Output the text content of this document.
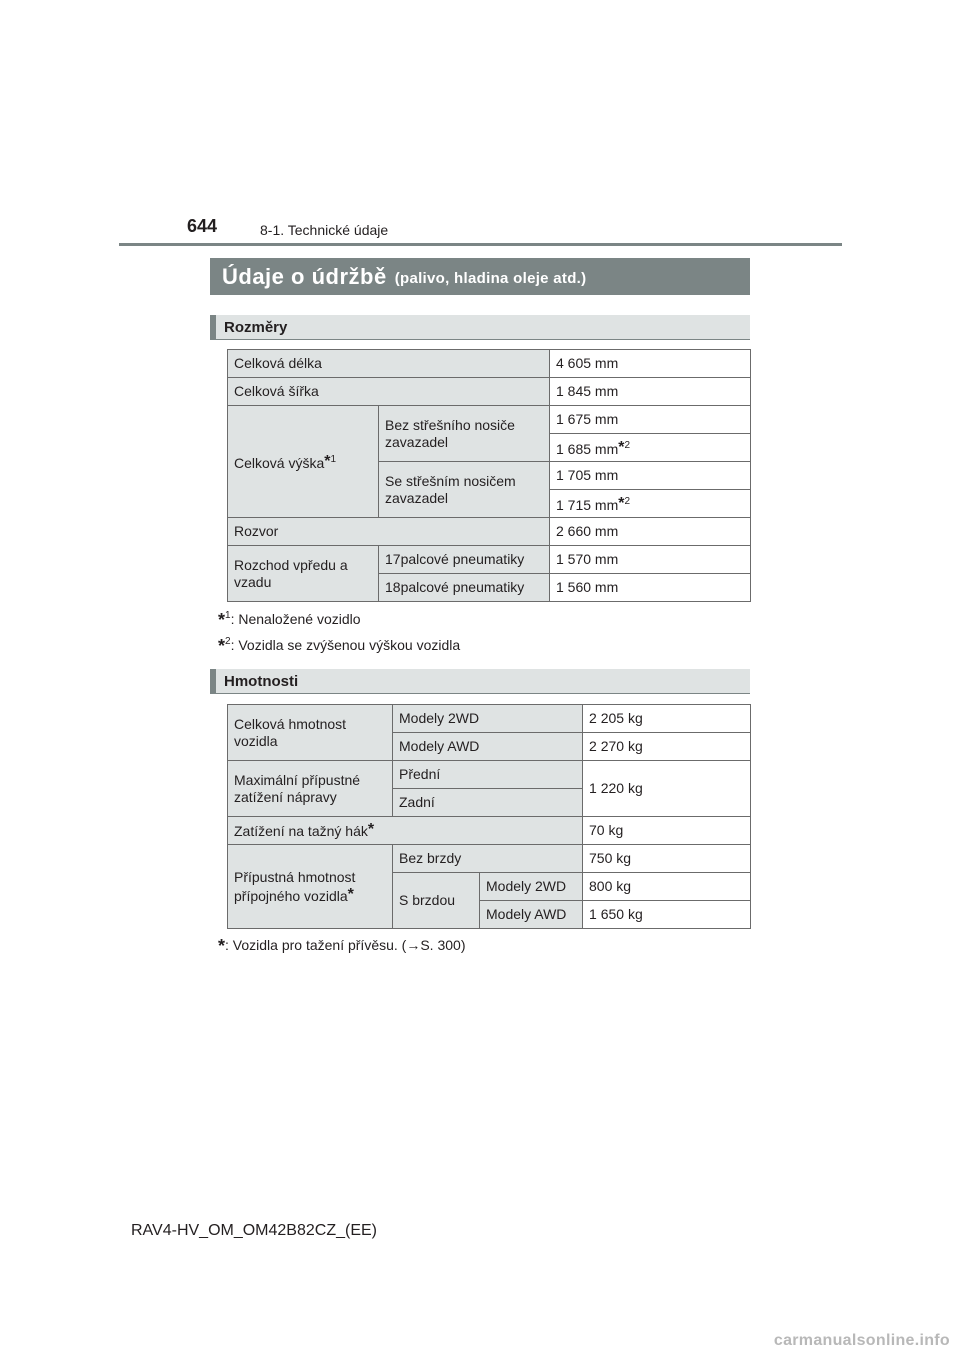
644	8-1. Technické údaje
Údaje o údržbě (palivo, hladina oleje atd.)
Rozměry
Celková délka		4 605 mm
Celková šířka		1 845 mm
Celková výška*$^1$	Bez střešního nosiče zavazadel	1 675 mm
		1 685 mm*$^2$
	Se střešním nosičem zavazadel	1 705 mm
		1 715 mm*$^2$
Rozvor		2 660 mm
Rozchod vpředu a vzadu	17palcové pneumatiky	1 570 mm
	18palcové pneumatiky	1 560 mm
*$^1$: Nenaložené vozidlo
*$^2$: Vozidla se zvýšenou výškou vozidla
Hmotnosti
Celková hmotnost vozidla	Modely 2WD		2 205 kg
	Modely AWD		2 270 kg
Maximální přípustné zatížení nápravy	Přední		1 220 kg
	Zadní		
Zatížení na tažný hák*			70 kg
Přípustná hmotnost přípojného vozidla*	Bez brzdy		750 kg
	S brzdou	Modely 2WD	800 kg
		Modely AWD	1 650 kg
*: Vozidla pro tažení přívěsu. (→S. 300)
RAV4-HV_OM_OM42B82CZ_(EE)
carmanualsonline.info
